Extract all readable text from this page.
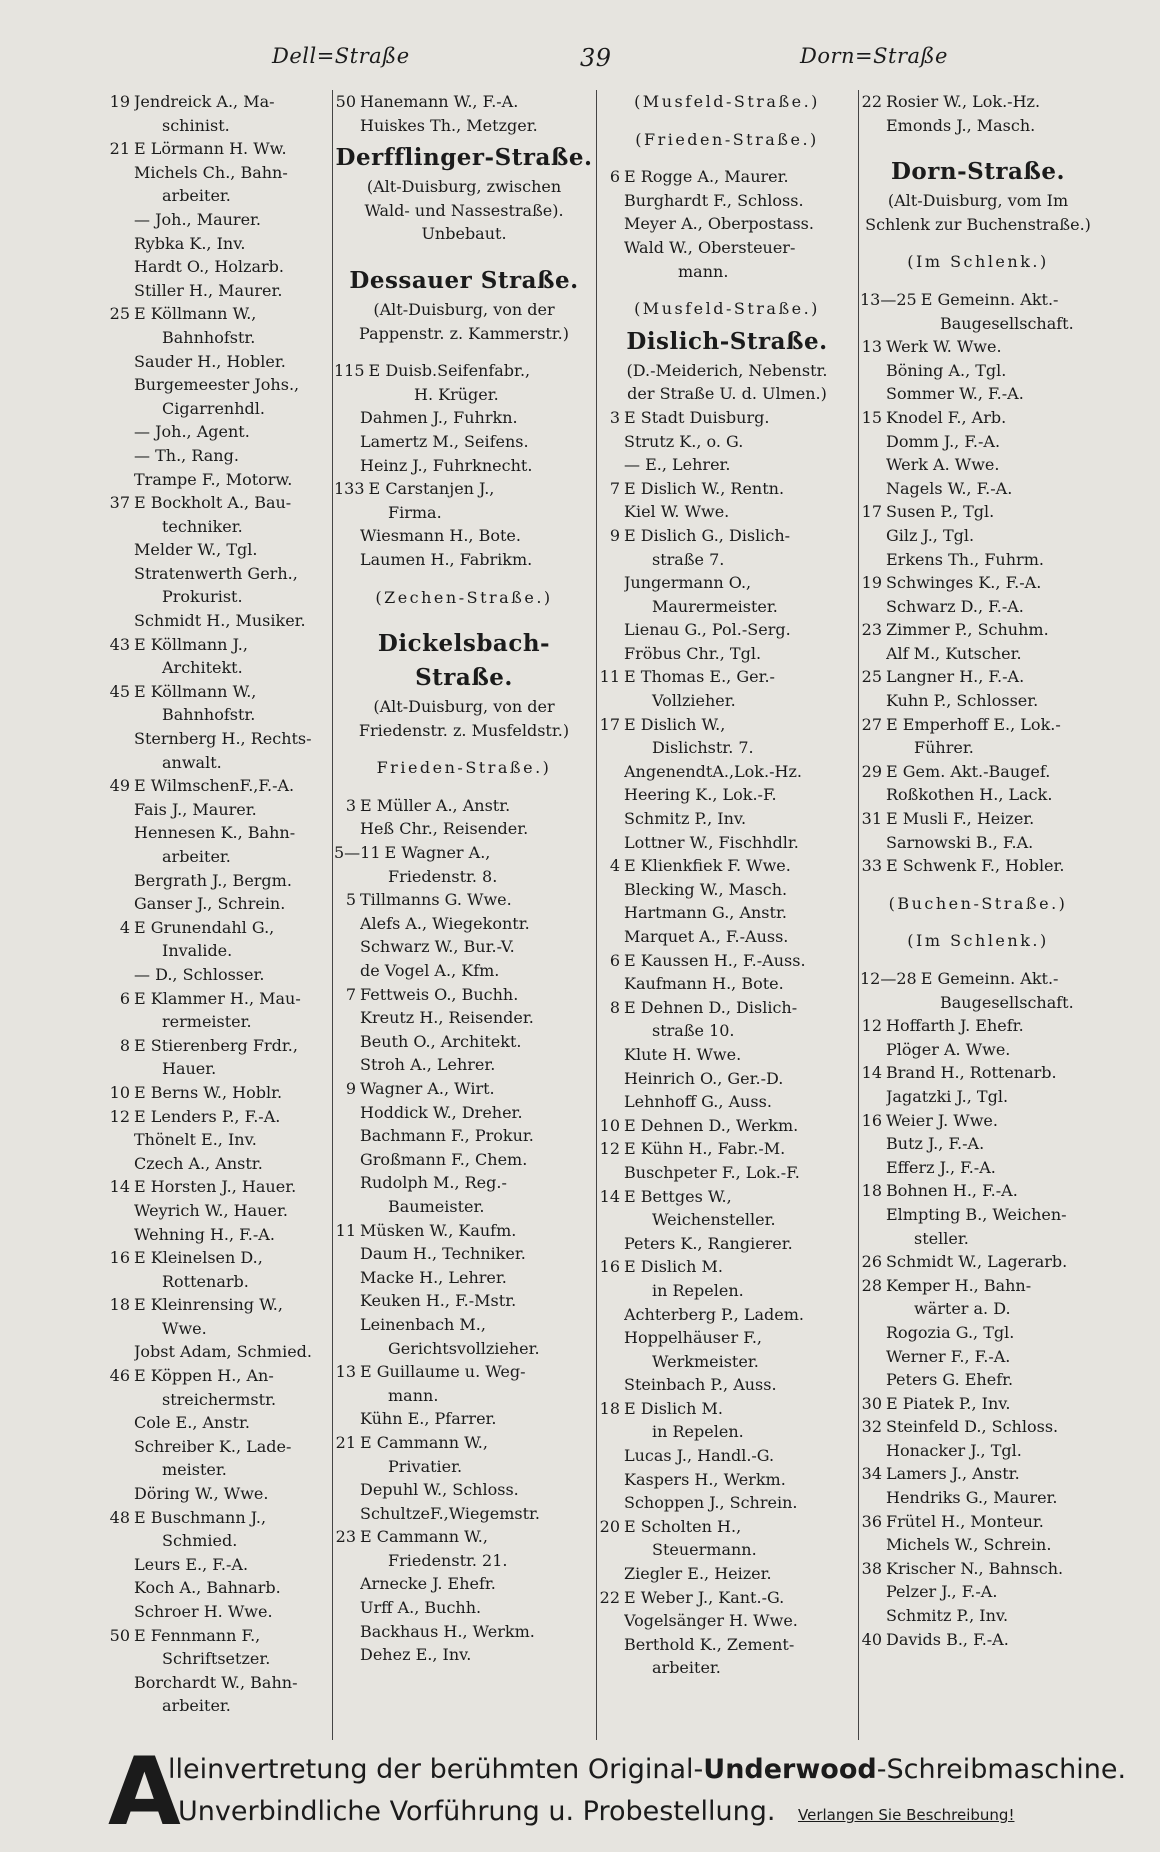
Dell=Straße	39	Dorn=Straße
19 Jendreick A., Ma-
schinist.
21 E Lörmann H. Ww.
Michels Ch., Bahn-
arbeiter.
— Joh., Maurer.
Rybka K., Inv.
Hardt O., Holzarb.
Stiller H., Maurer.
25 E Köllmann W.,
Bahnhofstr.
Sauder H., Hobler.
Burgemeester Johs.,
Cigarrenhdl.
— Joh., Agent.
— Th., Rang.
Trampe F., Motorw.
37 E Bockholt A., Bau-
techniker.
Melder W., Tgl.
Stratenwerth Gerh.,
Prokurist.
Schmidt H., Musiker.
43 E Köllmann J.,
Architekt.
45 E Köllmann W.,
Bahnhofstr.
Sternberg H., Rechts-
anwalt.
49 E WilmschenF.,F.-A.
Fais J., Maurer.
Hennesen K., Bahn-
arbeiter.
Bergrath J., Bergm.
Ganser J., Schrein.
4 E Grunendahl G.,
Invalide.
— D., Schlosser.
6 E Klammer H., Mau-
rermeister.
8 E Stierenberg Frdr.,
Hauer.
10 E Berns W., Hoblr.
12 E Lenders P., F.-A.
Thönelt E., Inv.
Czech A., Anstr.
14 E Horsten J., Hauer.
Weyrich W., Hauer.
Wehning H., F.-A.
16 E Kleinelsen D.,
Rottenarb.
18 E Kleinrensing W.,
Wwe.
Jobst Adam, Schmied.
46 E Köppen H., An-
streichermstr.
Cole E., Anstr.
Schreiber K., Lade-
meister.
Döring W., Wwe.
48 E Buschmann J.,
Schmied.
Leurs E., F.-A.
Koch A., Bahnarb.
Schroer H. Wwe.
50 E Fennmann F.,
Schriftsetzer.
Borchardt W., Bahn-
arbeiter.
50 Hanemann W., F.-A.
Huiskes Th., Metzger.
Derfflinger-Straße.
(Alt-Duisburg, zwischen
Wald- und Nassestraße).
Unbebaut.
Dessauer Straße.
(Alt-Duisburg, von der
Pappenstr. z. Kammerstr.)
115 E Duisb.Seifenfabr.,
H. Krüger.
Dahmen J., Fuhrkn.
Lamertz M., Seifens.
Heinz J., Fuhrknecht.
133 E Carstanjen J.,
Firma.
Wiesmann H., Bote.
Laumen H., Fabrikm.
(Zechen-Straße.)
Dickelsbach-Straße.
(Alt-Duisburg, von der
Friedenstr. z. Musfeldstr.)
Frieden-Straße.)
3 E Müller A., Anstr.
Heß Chr., Reisender.
5—11 E Wagner A.,
Friedenstr. 8.
5 Tillmanns G. Wwe.
Alefs A., Wiegekontr.
Schwarz W., Bur.-V.
de Vogel A., Kfm.
7 Fettweis O., Buchh.
Kreutz H., Reisender.
Beuth O., Architekt.
Stroh A., Lehrer.
9 Wagner A., Wirt.
Hoddick W., Dreher.
Bachmann F., Prokur.
Großmann F., Chem.
Rudolph M., Reg.-
Baumeister.
11 Müsken W., Kaufm.
Daum H., Techniker.
Macke H., Lehrer.
Keuken H., F.-Mstr.
Leinenbach M.,
Gerichtsvollzieher.
13 E Guillaume u. Weg-
mann.
Kühn E., Pfarrer.
21 E Cammann W.,
Privatier.
Depuhl W., Schloss.
SchultzeF.,Wiegemstr.
23 E Cammann W.,
Friedenstr. 21.
Arnecke J. Ehefr.
Urff A., Buchh.
Backhaus H., Werkm.
Dehez E., Inv.
(Musfeld-Straße.)
(Frieden-Straße.)
6 E Rogge A., Maurer.
Burghardt F., Schloss.
Meyer A., Oberpostass.
Wald W., Obersteuer-
mann.
(Musfeld-Straße.)
Dislich-Straße.
(D.-Meiderich, Nebenstr.
der Straße U. d. Ulmen.)
3 E Stadt Duisburg.
Strutz K., o. G.
— E., Lehrer.
7 E Dislich W., Rentn.
Kiel W. Wwe.
9 E Dislich G., Dislich-
straße 7.
Jungermann O.,
Maurermeister.
Lienau G., Pol.-Serg.
Fröbus Chr., Tgl.
11 E Thomas E., Ger.-
Vollzieher.
17 E Dislich W.,
Dislichstr. 7.
AngenendtA.,Lok.-Hz.
Heering K., Lok.-F.
Schmitz P., Inv.
Lottner W., Fischhdlr.
4 E Klienkfiek F. Wwe.
Blecking W., Masch.
Hartmann G., Anstr.
Marquet A., F.-Auss.
6 E Kaussen H., F.-Auss.
Kaufmann H., Bote.
8 E Dehnen D., Dislich-
straße 10.
Klute H. Wwe.
Heinrich O., Ger.-D.
Lehnhoff G., Auss.
10 E Dehnen D., Werkm.
12 E Kühn H., Fabr.-M.
Buschpeter F., Lok.-F.
14 E Bettges W.,
Weichensteller.
Peters K., Rangierer.
16 E Dislich M.
in Repelen.
Achterberg P., Ladem.
Hoppelhäuser F.,
Werkmeister.
Steinbach P., Auss.
18 E Dislich M.
in Repelen.
Lucas J., Handl.-G.
Kaspers H., Werkm.
Schoppen J., Schrein.
20 E Scholten H.,
Steuermann.
Ziegler E., Heizer.
22 E Weber J., Kant.-G.
Vogelsänger H. Wwe.
Berthold K., Zement-
arbeiter.
22 Rosier W., Lok.-Hz.
Emonds J., Masch.
Dorn-Straße.
(Alt-Duisburg, vom Im
Schlenk zur Buchenstraße.)
(Im Schlenk.)
13—25 E Gemeinn. Akt.-
Baugesellschaft.
13 Werk W. Wwe.
Böning A., Tgl.
Sommer W., F.-A.
15 Knodel F., Arb.
Domm J., F.-A.
Werk A. Wwe.
Nagels W., F.-A.
17 Susen P., Tgl.
Gilz J., Tgl.
Erkens Th., Fuhrm.
19 Schwinges K., F.-A.
Schwarz D., F.-A.
23 Zimmer P., Schuhm.
Alf M., Kutscher.
25 Langner H., F.-A.
Kuhn P., Schlosser.
27 E Emperhoff E., Lok.-
Führer.
29 E Gem. Akt.-Baugef.
Roßkothen H., Lack.
31 E Musli F., Heizer.
Sarnowski B., F.A.
33 E Schwenk F., Hobler.
(Buchen-Straße.)
(Im Schlenk.)
12—28 E Gemeinn. Akt.-
Baugesellschaft.
12 Hoffarth J. Ehefr.
Plöger A. Wwe.
14 Brand H., Rottenarb.
Jagatzki J., Tgl.
16 Weier J. Wwe.
Butz J., F.-A.
Efferz J., F.-A.
18 Bohnen H., F.-A.
Elmpting B., Weichen-
steller.
26 Schmidt W., Lagerarb.
28 Kemper H., Bahn-
wärter a. D.
Rogozia G., Tgl.
Werner F., F.-A.
Peters G. Ehefr.
30 E Piatek P., Inv.
32 Steinfeld D., Schloss.
Honacker J., Tgl.
34 Lamers J., Anstr.
Hendriks G., Maurer.
36 Frütel H., Monteur.
Michels W., Schrein.
38 Krischer N., Bahnsch.
Pelzer J., F.-A.
Schmitz P., Inv.
40 Davids B., F.-A.
A
lleinvertretung der berühmten Original-Underwood-Schreibmaschine.
Unverbindliche Vorführung u. Probestellung. Verlangen Sie Beschreibung!
